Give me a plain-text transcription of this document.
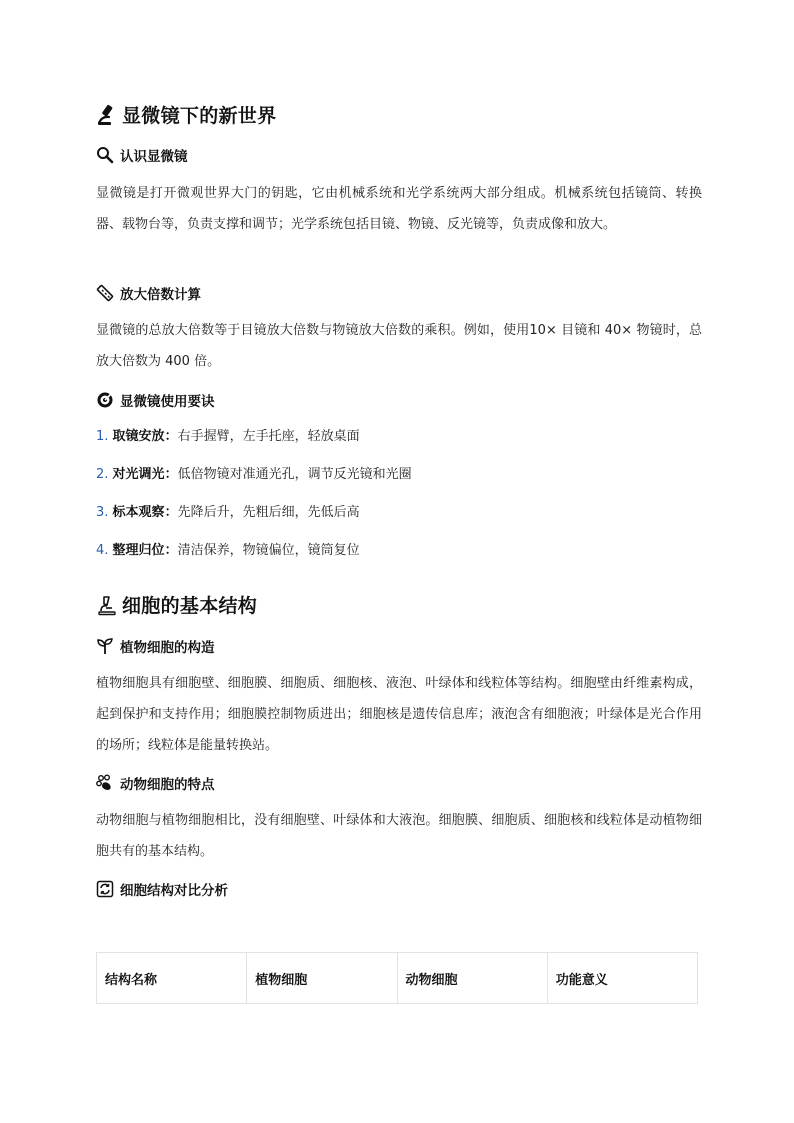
显微镜下的新世界
认识显微镜

显微镜是打开微观世界大门的钥匙，它由机械系统和光学系统两大部分组成。机械系统包括镜筒、转换器、载物台等，负责支撑和调节；光学系统包括目镜、物镜、反光镜等，负责成像和放大。

放大倍数计算

显微镜的总放大倍数等于目镜放大倍数与物镜放大倍数的乘积。例如，使用10× 目镜和 40× 物镜时，总放大倍数为 400 倍。

显微镜使用要诀
1. 取镜安放：右手握臂，左手托座，轻放桌面
2. 对光调光：低倍物镜对准通光孔，调节反光镜和光圈
3. 标本观察：先降后升，先粗后细，先低后高
4. 整理归位：清洁保养，物镜偏位，镜筒复位
细胞的基本结构
植物细胞的构造

植物细胞具有细胞壁、细胞膜、细胞质、细胞核、液泡、叶绿体和线粒体等结构。细胞壁由纤维素构成，起到保护和支持作用；细胞膜控制物质进出；细胞核是遗传信息库；液泡含有细胞液；叶绿体是光合作用的场所；线粒体是能量转换站。

动物细胞的特点

动物细胞与植物细胞相比，没有细胞壁、叶绿体和大液泡。细胞膜、细胞质、细胞核和线粒体是动植物细胞共有的基本结构。

细胞结构对比分析
结构名称	植物细胞	动物细胞	功能意义
